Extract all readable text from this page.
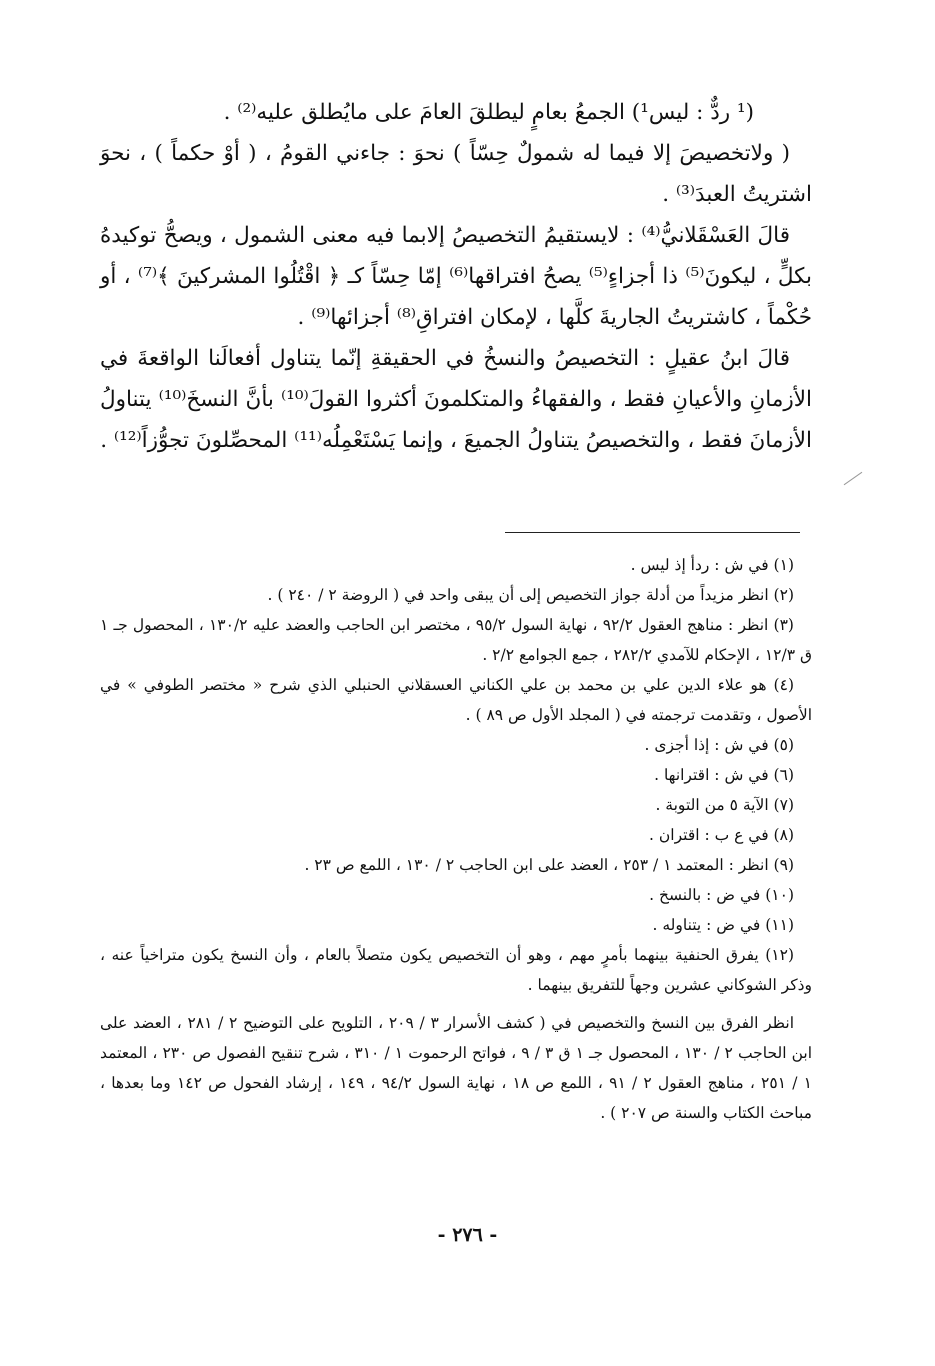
(¹ ردٌّ : ليس¹) الجمعُ بعامٍ ليطلقَ العامَ على مايُطلق عليه⁽²⁾ .

( ولاتخصيصَ إلا فيما له شمولٌ حِسّاً ) نحوَ : جاءني القومُ ، ( أوْ حكماً ) ، نحوَ اشتريتُ العبدَ⁽³⁾ .

قالَ العَسْقَلانيُّ⁽⁴⁾ : لايستقيمُ التخصيصُ إلابما فيه معنى الشمول ، ويصحُّ توكيدهُ بكلٍّ ، ليكونَ⁽⁵⁾ ذا أجزاءٍ⁽⁵⁾ يصحُ افتراقها⁽⁶⁾ إمّا حِسّاً كـ ﴿ اقْتُلُوا المشركينَ ﴾⁽⁷⁾ ، أو حُكْماً ، كاشتريتُ الجاريةَ كلَّها ، لإمكان افتراقِ⁽⁸⁾ أجزائها⁽⁹⁾ .

قالَ ابنُ عقيلٍ : التخصيصُ والنسخُ في الحقيقةِ إنّما يتناول أفعالَنا الواقعةَ في الأزمانِ والأعيانِ فقط ، والفقهاءُ والمتكلمونَ أكثروا القولَ⁽¹⁰⁾ بأنَّ النسخَ⁽¹⁰⁾ يتناولُ الأزمانَ فقط ، والتخصيصُ يتناولُ الجميعَ ، وإنما يَسْتَعْمِلُه⁽¹¹⁾ المحصِّلونَ تجوُّزاً⁽¹²⁾ .

(١) في ش : ردأ إذ ليس .

(٢) انظر مزيداً من أدلة جواز التخصيص إلى أن يبقى واحد في ( الروضة ٢ / ٢٤٠ ) .

(٣) انظر : مناهج العقول ٩٢/٢ ، نهاية السول ٩٥/٢ ، مختصر ابن الحاجب والعضد عليه ١٣٠/٢ ، المحصول جـ ١ ق ١٢/٣ ، الإحكام للآمدي ٢٨٢/٢ ، جمع الجوامع ٢/٢ .

(٤) هو علاء الدين علي بن محمد بن علي الكناني العسقلاني الحنبلي الذي شرح « مختصر الطوفي » في الأصول ، وتقدمت ترجمته في ( المجلد الأول ص ٨٩ ) .

(٥) في ش : إذا أجزى .

(٦) في ش : اقترانها .

(٧) الآية ٥ من التوبة .

(٨) في ع ب : اقتران .

(٩) انظر : المعتمد ١ / ٢٥٣ ، العضد على ابن الحاجب ٢ / ١٣٠ ، اللمع ص ٢٣ .

(١٠) في ض : بالنسخ .

(١١) في ض : يتناوله .

(١٢) يفرق الحنفية بينهما بأمرٍ مهم ، وهو أن التخصيص يكون متصلاً بالعام ، وأن النسخ يكون متراخياً عنه ، وذكر الشوكاني عشرين وجهاً للتفريق بينهما .

انظر الفرق بين النسخ والتخصيص في ( كشف الأسرار ٣ / ٢٠٩ ، التلويح على التوضيح ٢ / ٢٨١ ، العضد على ابن الحاجب ٢ / ١٣٠ ، المحصول جـ ١ ق ٣ / ٩ ، فواتح الرحموت ١ / ٣١٠ ، شرح تنقيح الفصول ص ٢٣٠ ، المعتمد ١ / ٢٥١ ، مناهج العقول ٢ / ٩١ ، اللمع ص ١٨ ، نهاية السول ٩٤/٢ ، ١٤٩ ، إرشاد الفحول ص ١٤٢ وما بعدها ، مباحث الكتاب والسنة ص ٢٠٧ ) .

- ٢٧٦ -
